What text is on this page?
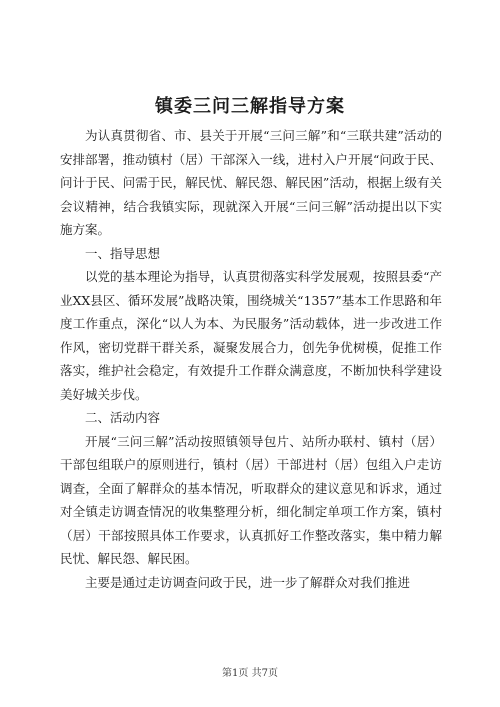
镇委三问三解指导方案

为认真贯彻省、市、县关于开展“三问三解”和“三联共建”活动的安排部署，推动镇村（居）干部深入一线，进村入户开展“问政于民、问计于民、问需于民，解民忧、解民怨、解民困”活动，根据上级有关会议精神，结合我镇实际，现就深入开展“三问三解”活动提出以下实施方案。

一、指导思想

以党的基本理论为指导，认真贯彻落实科学发展观，按照县委“产业XX县区、循环发展”战略决策，围绕城关“1357”基本工作思路和年度工作重点，深化“以人为本、为民服务”活动载体，进一步改进工作作风，密切党群干群关系，凝聚发展合力，创先争优树模，促推工作落实，维护社会稳定，有效提升工作群众满意度，不断加快科学建设美好城关步伐。

二、活动内容

开展“三问三解”活动按照镇领导包片、站所办联村、镇村（居）干部包组联户的原则进行，镇村（居）干部进村（居）包组入户走访调查，全面了解群众的基本情况，听取群众的建议意见和诉求，通过对全镇走访调查情况的收集整理分析，细化制定单项工作方案，镇村（居）干部按照具体工作要求，认真抓好工作整改落实，集中精力解民忧、解民怨、解民困。

主要是通过走访调查问政于民，进一步了解群众对我们推进

第1页 共7页
